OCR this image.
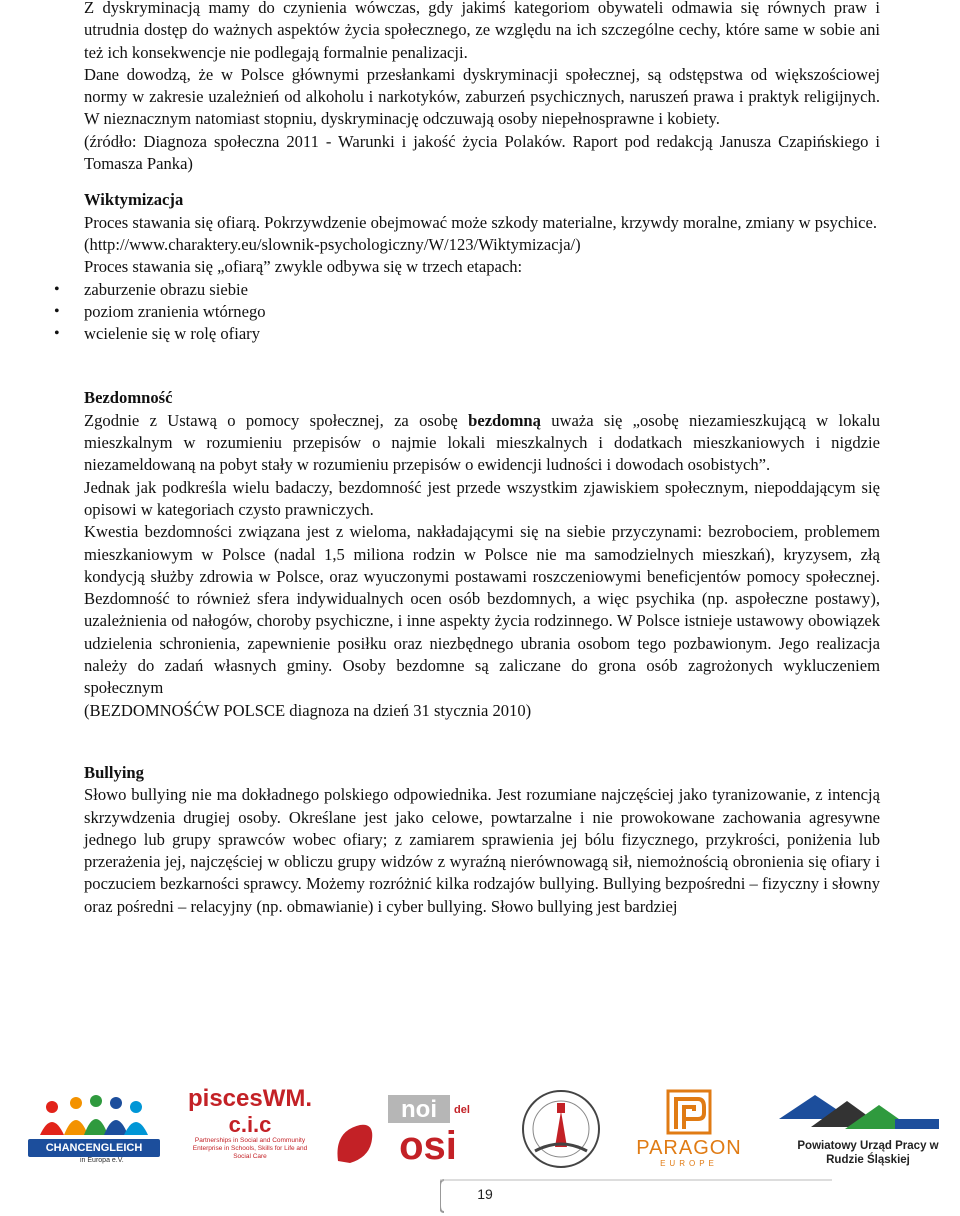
Z dyskryminacją mamy do czynienia wówczas, gdy jakimś kategoriom obywateli odmawia się równych praw i utrudnia dostęp do ważnych aspektów życia społecznego, ze względu na ich szczególne cechy, które same w sobie ani też ich konsekwencje nie podlegają formalnie penalizacji.

Dane dowodzą, że w Polsce głównymi przesłankami dyskryminacji społecznej, są odstępstwa od większościowej normy w zakresie uzależnień od alkoholu i narkotyków, zaburzeń psychicznych, naruszeń prawa i praktyk religijnych. W nieznacznym natomiast stopniu, dyskryminację odczuwają osoby niepełnosprawne i kobiety.

(źródło: Diagnoza społeczna 2011 - Warunki i jakość życia Polaków. Raport pod redakcją Janusza Czapińskiego i Tomasza Panka)

Wiktymizacja

Proces stawania się ofiarą. Pokrzywdzenie obejmować może szkody materialne, krzywdy moralne, zmiany w psychice.

(http://www.charaktery.eu/slownik-psychologiczny/W/123/Wiktymizacja/)

Proces stawania się „ofiarą” zwykle odbywa się w trzech etapach:

• zaburzenie obrazu siebie
• poziom zranienia wtórnego
• wcielenie się w rolę ofiary
Bezdomność

Zgodnie z Ustawą o pomocy społecznej, za osobę bezdomną uważa się „osobę niezamieszkującą w lokalu mieszkalnym w rozumieniu przepisów o najmie lokali mieszkalnych i dodatkach mieszkaniowych i nigdzie niezameldowaną na pobyt stały w rozumieniu przepisów o ewidencji ludności i dowodach osobistych”.

Jednak jak podkreśla wielu badaczy, bezdomność jest przede wszystkim zjawiskiem społecznym, niepoddającym się opisowi w kategoriach czysto prawniczych.

Kwestia bezdomności związana jest z wieloma, nakładającymi się na siebie przyczynami: bezrobociem, problemem mieszkaniowym w Polsce (nadal 1,5 miliona rodzin w Polsce nie ma samodzielnych mieszkań), kryzysem, złą kondycją służby zdrowia w Polsce, oraz wyuczonymi postawami roszczeniowymi beneficjentów pomocy społecznej. Bezdomność to również sfera indywidualnych ocen osób bezdomnych, a więc psychika (np. aspołeczne postawy), uzależnienia od nałogów, choroby psychiczne, i inne aspekty życia rodzinnego. W Polsce istnieje ustawowy obowiązek udzielenia schronienia, zapewnienie posiłku oraz niezbędnego ubrania osobom tego pozbawionym. Jego realizacja należy do zadań własnych gminy. Osoby bezdomne są zaliczane do grona osób zagrożonych wykluczeniem społecznym

(BEZDOMNOŚĆW POLSCE diagnoza na dzień 31 stycznia 2010)

Bullying

Słowo bullying nie ma dokładnego polskiego odpowiednika. Jest rozumiane najczęściej jako tyranizowanie, z intencją skrzywdzenia drugiej osoby. Określane jest jako celowe, powtarzalne i nie prowokowane zachowania agresywne jednego lub grupy sprawców wobec ofiary; z zamiarem sprawienia jej bólu fizycznego, przykrości, poniżenia lub przerażenia jej, najczęściej w obliczu grupy widzów z wyraźną nierównowagą sił, niemożnością obronienia się ofiary i poczuciem bezkarności sprawcy. Możemy rozróżnić kilka rodzajów bullying. Bullying bezpośredni – fizyczny i słowny oraz pośredni – relacyjny (np. obmawianie) i cyber bullying. Słowo bullying jest bardziej

CHANCENGLEICH
in Europa e.V.
piscesWM.
c.i.c
Partnerships in Social and Community Enterprise in Schools, Skills for Life and Social Care
noi del
osi	PARAGON
EUROPE
Powiatowy Urząd Pracy w Rudzie Śląskiej
19
